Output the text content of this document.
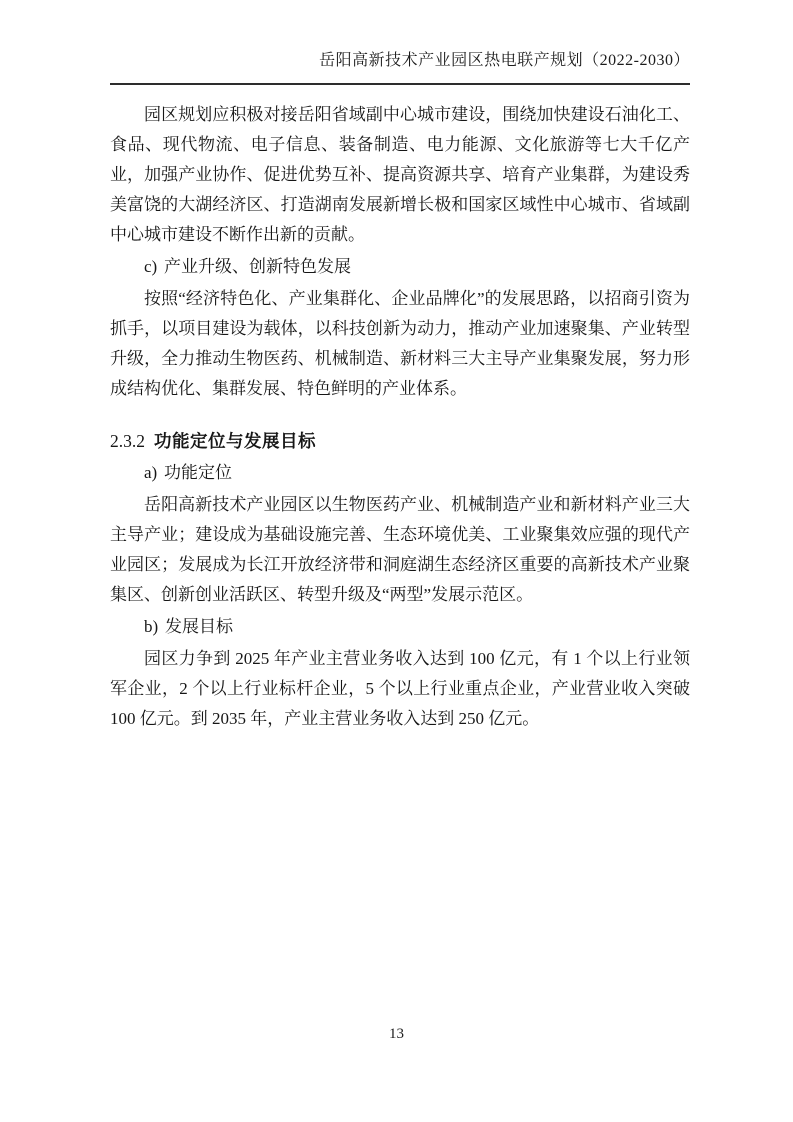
岳阳高新技术产业园区热电联产规划（2022-2030）

园区规划应积极对接岳阳省域副中心城市建设，围绕加快建设石油化工、食品、现代物流、电子信息、装备制造、电力能源、文化旅游等七大千亿产业，加强产业协作、促进优势互补、提高资源共享、培育产业集群，为建设秀美富饶的大湖经济区、打造湖南发展新增长极和国家区域性中心城市、省域副中心城市建设不断作出新的贡献。

c) 产业升级、创新特色发展

按照“经济特色化、产业集群化、企业品牌化”的发展思路，以招商引资为抓手，以项目建设为载体，以科技创新为动力，推动产业加速聚集、产业转型升级，全力推动生物医药、机械制造、新材料三大主导产业集聚发展，努力形成结构优化、集群发展、特色鲜明的产业体系。

2.3.2 功能定位与发展目标

a) 功能定位

岳阳高新技术产业园区以生物医药产业、机械制造产业和新材料产业三大主导产业；建设成为基础设施完善、生态环境优美、工业聚集效应强的现代产业园区；发展成为长江开放经济带和洞庭湖生态经济区重要的高新技术产业聚集区、创新创业活跃区、转型升级及“两型”发展示范区。

b) 发展目标

园区力争到 2025 年产业主营业务收入达到 100 亿元，有 1 个以上行业领军企业，2 个以上行业标杆企业，5 个以上行业重点企业，产业营业收入突破 100 亿元。到 2035 年，产业主营业务收入达到 250 亿元。

13
